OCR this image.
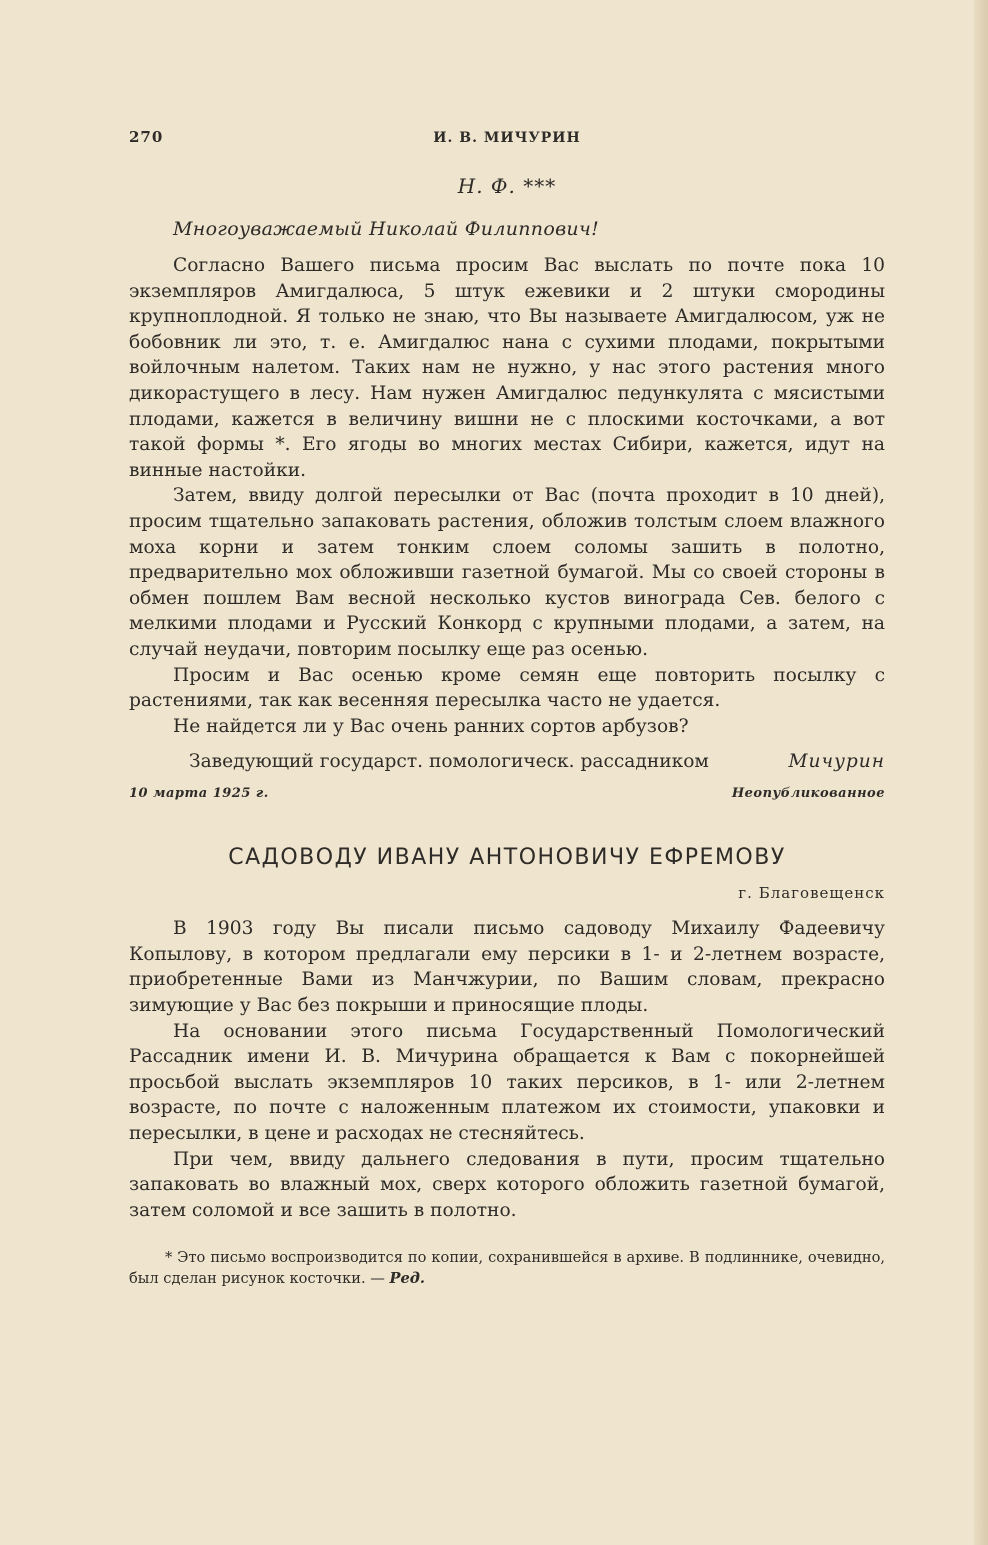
270	И. В. МИЧУРИН
Н. Ф. ***
Многоуважаемый Николай Филиппович!

Согласно Вашего письма просим Вас выслать по почте пока 10 экземпляров Амигдалюса, 5 штук ежевики и 2 штуки смородины крупноплодной. Я только не знаю, что Вы называете Амигдалюсом, уж не бобовник ли это, т. е. Амигдалюс нана с сухими плодами, покрытыми войлочным налетом. Таких нам не нужно, у нас этого растения много дикорастущего в лесу. Нам нужен Амигдалюс педункулята с мясистыми плодами, кажется в величину вишни не с плоскими косточками, а вот такой формы *. Его ягоды во многих местах Сибири, кажется, идут на винные настойки.

Затем, ввиду долгой пересылки от Вас (почта проходит в 10 дней), просим тщательно запаковать растения, обложив толстым слоем влажного моха корни и затем тонким слоем соломы зашить в полотно, предварительно мох обложивши газетной бумагой. Мы со своей стороны в обмен пошлем Вам весной несколько кустов винограда Сев. белого с мелкими плодами и Русский Конкорд с крупными плодами, а затем, на случай неудачи, повторим посылку еще раз осенью.

Просим и Вас осенью кроме семян еще повторить посылку с растениями, так как весенняя пересылка часто не удается.

Не найдется ли у Вас очень ранних сортов арбузов?

Заведующий государст. помологическ. рассадником	Мичурин
10 марта 1925 г.	Неопубликованное
САДОВОДУ ИВАНУ АНТОНОВИЧУ ЕФРЕМОВУ
г. Благовещенск

В 1903 году Вы писали письмо садоводу Михаилу Фадеевичу Копылову, в котором предлагали ему персики в 1- и 2-летнем возрасте, приобретенные Вами из Манчжурии, по Вашим словам, прекрасно зимующие у Вас без покрыши и приносящие плоды.

На основании этого письма Государственный Помологический Рассадник имени И. В. Мичурина обращается к Вам с покорнейшей просьбой выслать экземпляров 10 таких персиков, в 1- или 2-летнем возрасте, по почте с наложенным платежом их стоимости, упаковки и пересылки, в цене и расходах не стесняйтесь.

При чем, ввиду дальнего следования в пути, просим тщательно запаковать во влажный мох, сверх которого обложить газетной бумагой, затем соломой и все зашить в полотно.

* Это письмо воспроизводится по копии, сохранившейся в архиве. В подлиннике, очевидно, был сделан рисунок косточки. — Ред.
